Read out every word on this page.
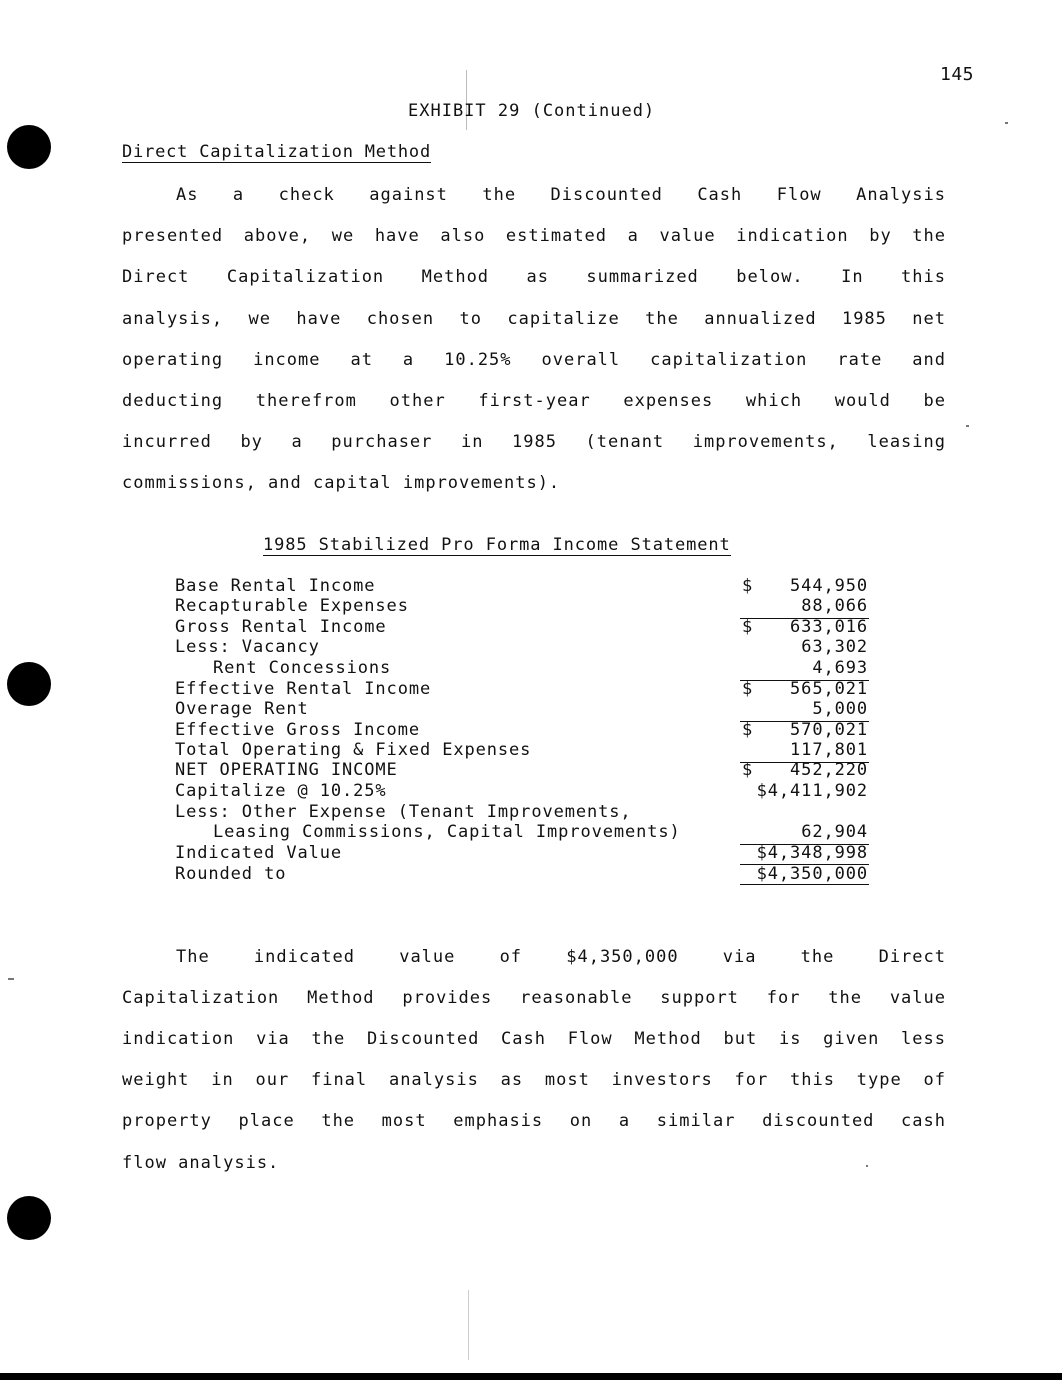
145
EXHIBIT 29 (Continued)
Direct Capitalization Method
As a check against the Discounted Cash Flow Analysis
presented above, we have also estimated a value indication by the
Direct Capitalization Method as summarized below. In this
analysis, we have chosen to capitalize the annualized 1985 net
operating income at a 10.25% overall capitalization rate and
deducting therefrom other first-year expenses which would be
incurred by a purchaser in 1985 (tenant improvements, leasing
commissions, and capital improvements).
1985 Stabilized Pro Forma Income Statement
Base Rental Income
Recapturable Expenses
Gross Rental Income
Less: Vacancy
Rent Concessions
Effective Rental Income
Overage Rent
Effective Gross Income
Total Operating & Fixed Expenses
NET OPERATING INCOME
Capitalize @ 10.25%
Less: Other Expense (Tenant Improvements,
Leasing Commissions, Capital Improvements)
Indicated Value
Rounded to
$ 544,950
88,066
$ 633,016
63,302
4,693
$ 565,021
5,000
$ 570,021
117,801
$ 452,220
$4,411,902
62,904
$4,348,998
$4,350,000
The indicated value of $4,350,000 via the Direct
Capitalization Method provides reasonable support for the value
indication via the Discounted Cash Flow Method but is given less
weight in our final analysis as most investors for this type of
property place the most emphasis on a similar discounted cash
flow analysis.
